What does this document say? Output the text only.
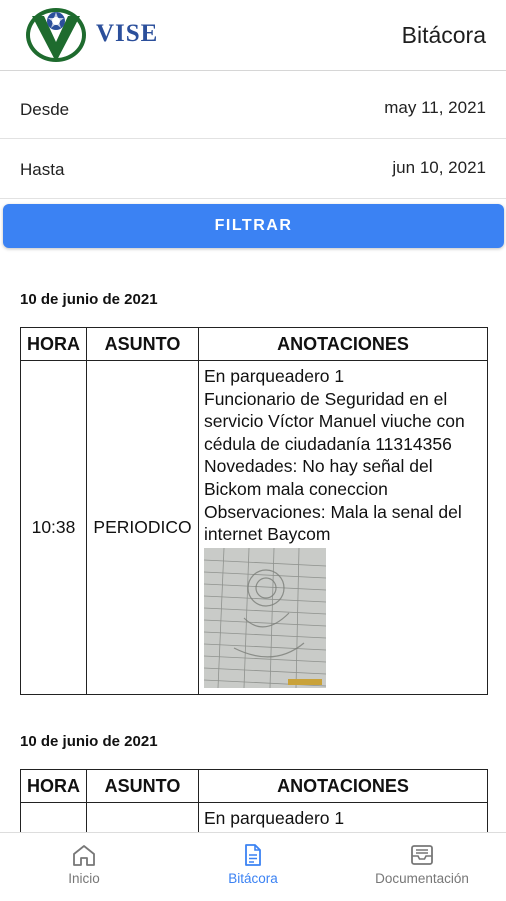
VISE	Bitácora
Desde	may 11, 2021
Hasta	jun 10, 2021
FILTRAR
10 de junio de 2021
HORA	ASUNTO	ANOTACIONES
10:38	PERIODICO	En parqueadero 1
Funcionario de Seguridad en el servicio Víctor Manuel viuche con cédula de ciudadanía 11314356
Novedades: No hay señal del Bickom mala coneccion
Observaciones: Mala la senal del internet Baycom
10 de junio de 2021
HORA	ASUNTO	ANOTACIONES

		En parqueadero 1
Inicio	Bitácora	Documentación
